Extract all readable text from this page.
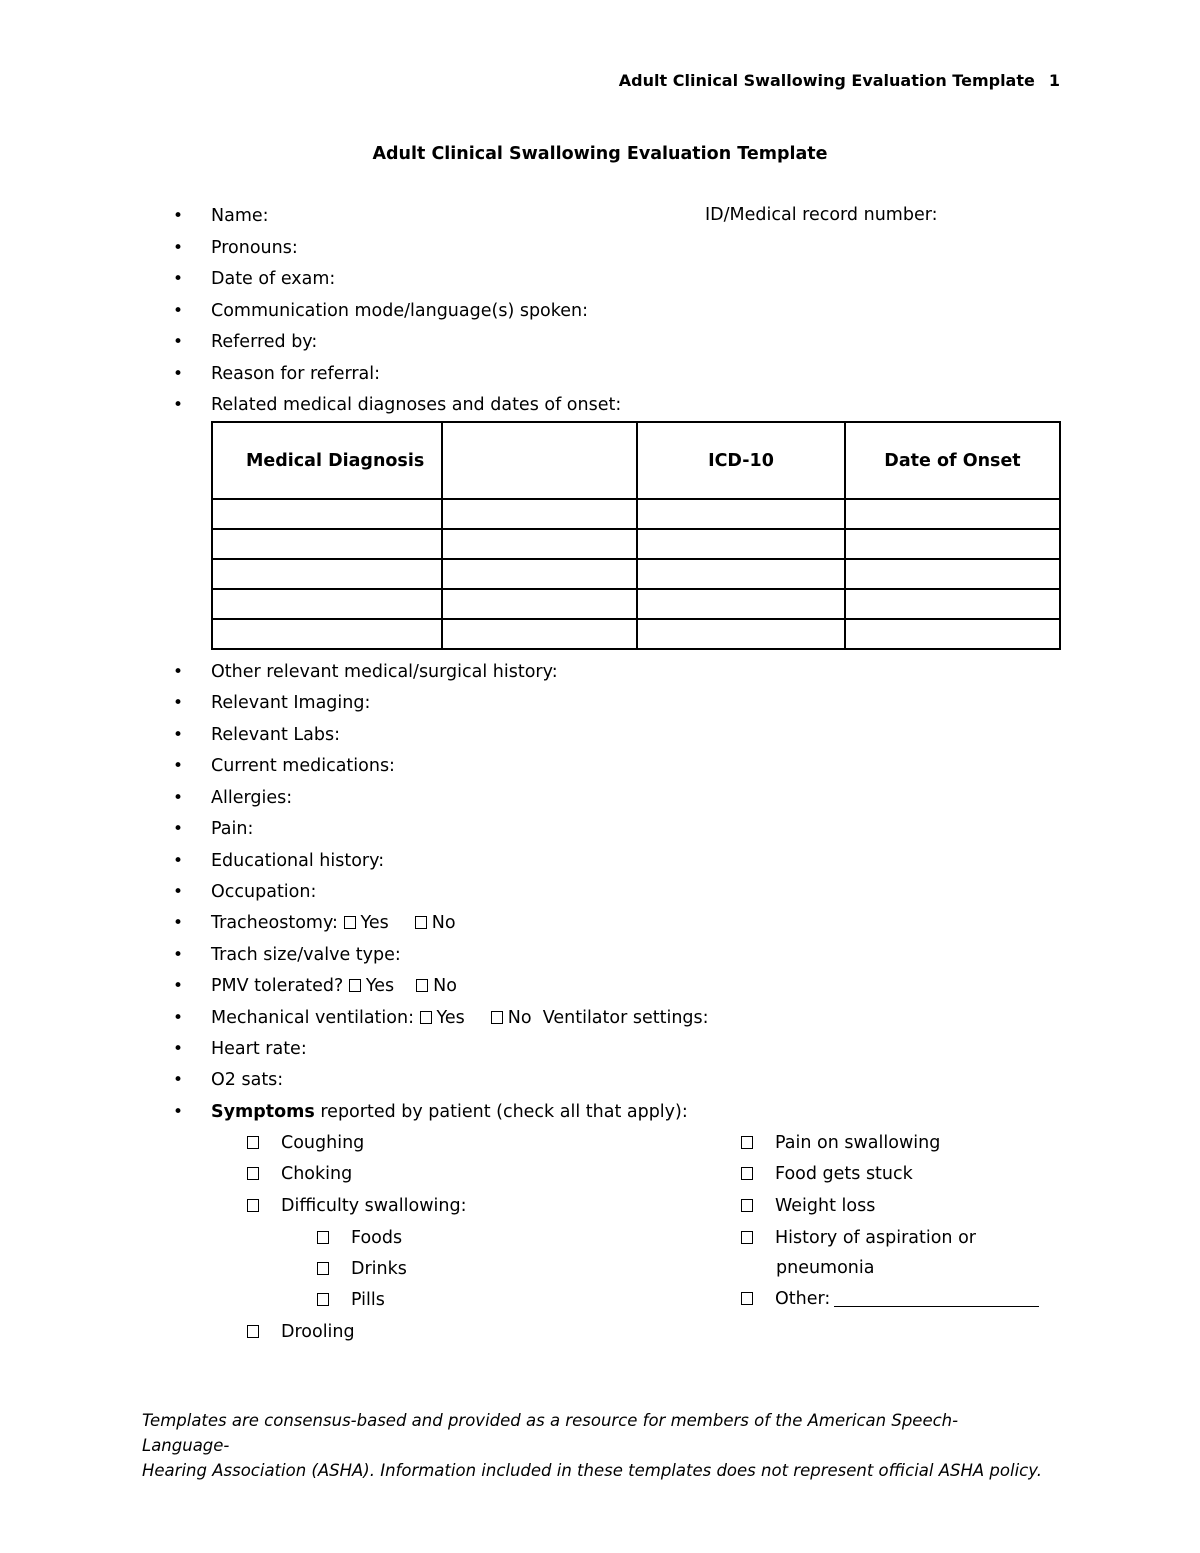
Adult Clinical Swallowing Evaluation Template 1
Adult Clinical Swallowing Evaluation Template
• Name:	ID/Medical record number:
• Pronouns:
• Date of exam:
• Communication mode/language(s) spoken:
• Referred by:
• Reason for referral:
• Related medical diagnoses and dates of onset:
Medical Diagnosis		ICD-10	Date of Onset

• Other relevant medical/surgical history:
• Relevant Imaging:
• Relevant Labs:
• Current medications:
• Allergies:
• Pain:
• Educational history:
• Occupation:
• Tracheostomy: Yes No
• Trach size/valve type:
• PMV tolerated? Yes No
• Mechanical ventilation: Yes No Ventilator settings:
• Heart rate:
• O2 sats:
• Symptoms reported by patient (check all that apply):
Coughing
Choking
Difficulty swallowing:
Foods
Drinks
Pills
Drooling
Pain on swallowing
Food gets stuck
Weight loss
History of aspiration or
pneumonia
Other:
Templates are consensus-based and provided as a resource for members of the American Speech-Language-
Hearing Association (ASHA). Information included in these templates does not represent official ASHA policy.
